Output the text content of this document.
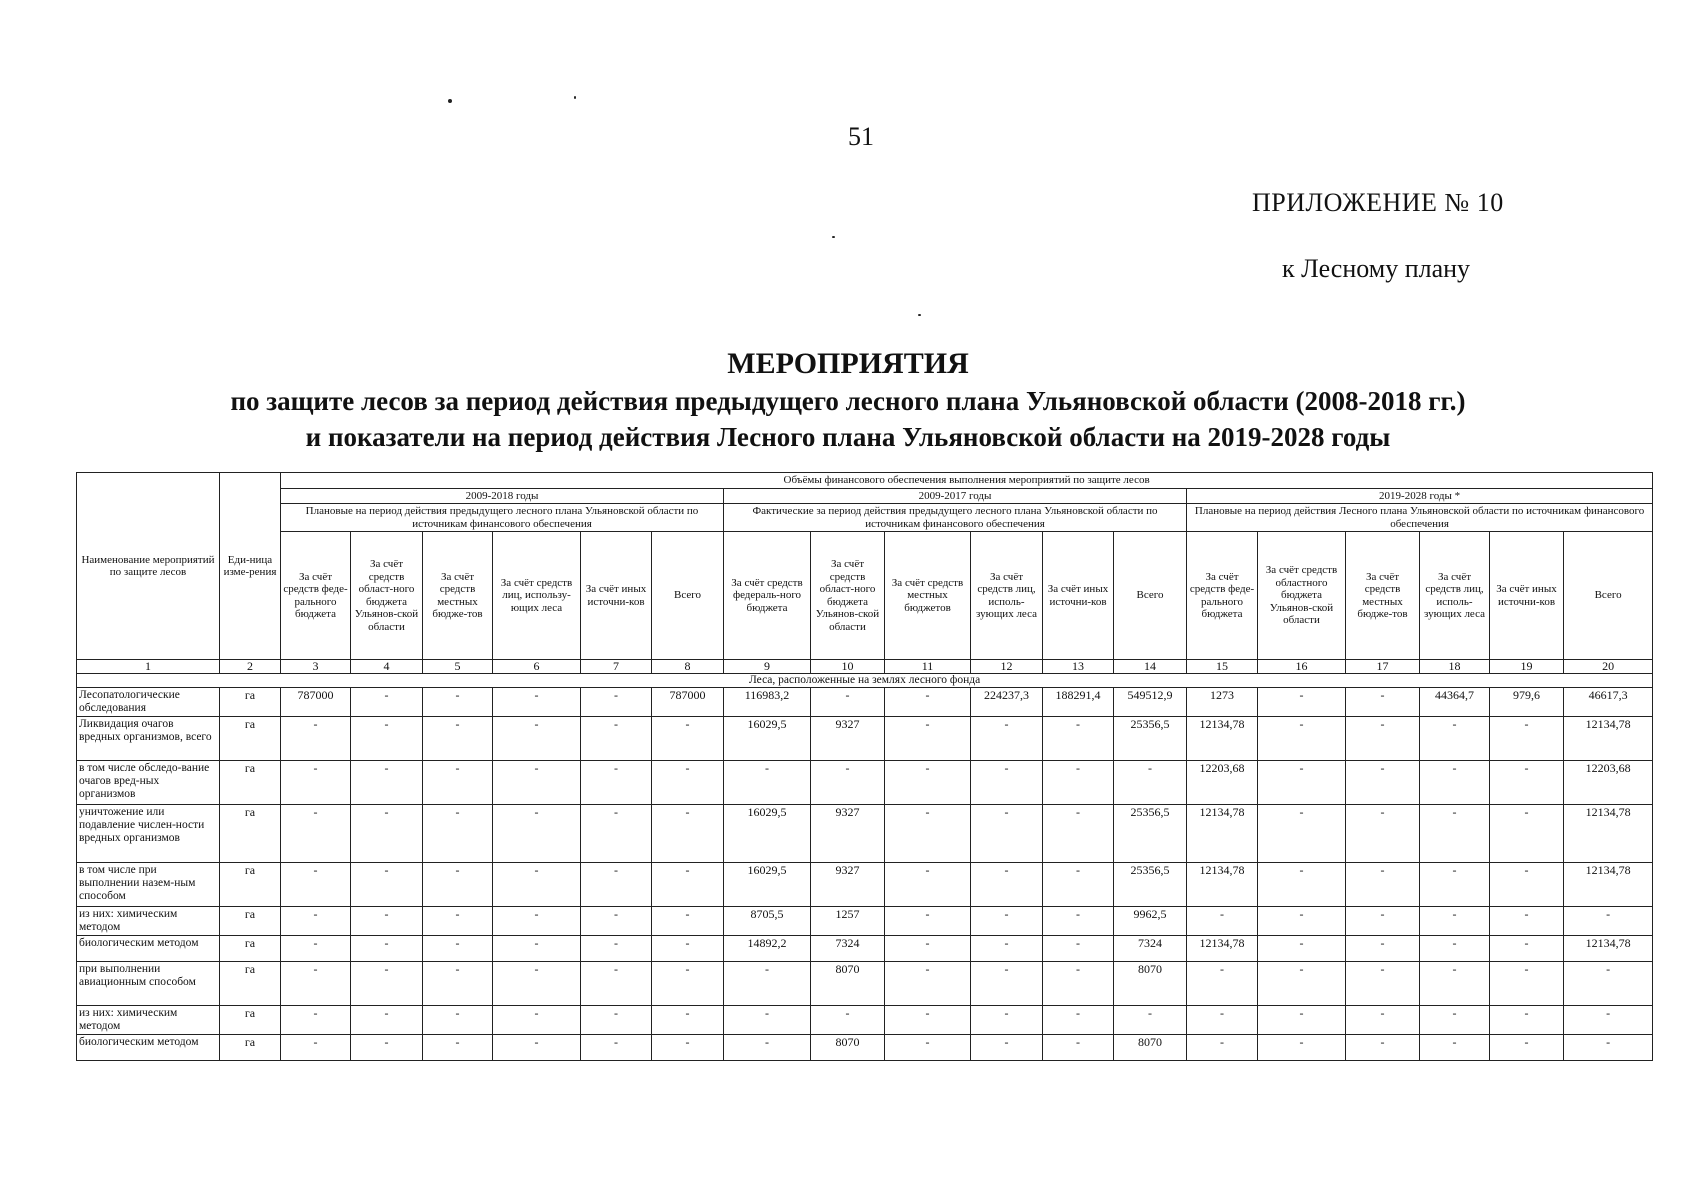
51
ПРИЛОЖЕНИЕ № 10
к Лесному плану
МЕРОПРИЯТИЯ
по защите лесов за период действия предыдущего лесного плана Ульяновской области (2008-2018 гг.)
и показатели на период действия Лесного плана Ульяновской области на 2019-2028 годы
Наименование мероприятий по защите лесов	Еди-ница изме-рения	Объёмы финансового обеспечения выполнения мероприятий по защите лесов																	
		2009-2018 годы						2009-2017 годы						2019-2028 годы *					
		Плановые на период действия предыдущего лесного плана Ульяновской области по источникам финансового обеспечения						Фактические за период действия предыдущего лесного плана Ульяновской области по источникам финансового обеспечения						Плановые на период действия Лесного плана Ульяновской области по источникам финансового обеспечения					
		За счёт средств феде-рального бюджета	За счёт средств област-ного бюджета Ульянов-ской области	За счёт средств местных бюдже-тов	За счёт средств лиц, использу-ющих леса	За счёт иных источни-ков	Всего	За счёт средств федераль-ного бюджета	За счёт средств област-ного бюджета Ульянов-ской области	За счёт средств местных бюджетов	За счёт средств лиц, исполь-зующих леса	За счёт иных источни-ков	Всего	За счёт средств феде-рального бюджета	За счёт средств областного бюджета Ульянов-ской области	За счёт средств местных бюдже-тов	За счёт средств лиц, исполь-зующих леса	За счёт иных источни-ков	Всего
1	2	3	4	5	6	7	8	9	10	11	12	13	14	15	16	17	18	19	20
Леса, расположенные на землях лесного фонда																			
Лесопатологические обследования	га	787000	-	-	-	-	787000	116983,2	-	-	224237,3	188291,4	549512,9	1273	-	-	44364,7	979,6	46617,3
Ликвидация очагов вредных организмов, всего	га	-	-	-	-	-	-	16029,5	9327	-	-	-	25356,5	12134,78	-	-	-	-	12134,78
в том числе обследо-вание очагов вред-ных организмов	га	-	-	-	-	-	-	-	-	-	-	-	-	12203,68	-	-	-	-	12203,68
уничтожение или подавление числен-ности вредных организмов	га	-	-	-	-	-	-	16029,5	9327	-	-	-	25356,5	12134,78	-	-	-	-	12134,78
в том числе при выполнении назем-ным способом	га	-	-	-	-	-	-	16029,5	9327	-	-	-	25356,5	12134,78	-	-	-	-	12134,78
из них: химическим методом	га	-	-	-	-	-	-	8705,5	1257	-	-	-	9962,5	-	-	-	-	-	-
биологическим методом	га	-	-	-	-	-	-	14892,2	7324	-	-	-	7324	12134,78	-	-	-	-	12134,78
при выполнении авиационным способом	га	-	-	-	-	-	-	-	8070	-	-	-	8070	-	-	-	-	-	-
из них: химическим методом	га	-	-	-	-	-	-	-	-	-	-	-	-	-	-	-	-	-	-
биологическим методом	га	-	-	-	-	-	-	-	8070	-	-	-	8070	-	-	-	-	-	-
